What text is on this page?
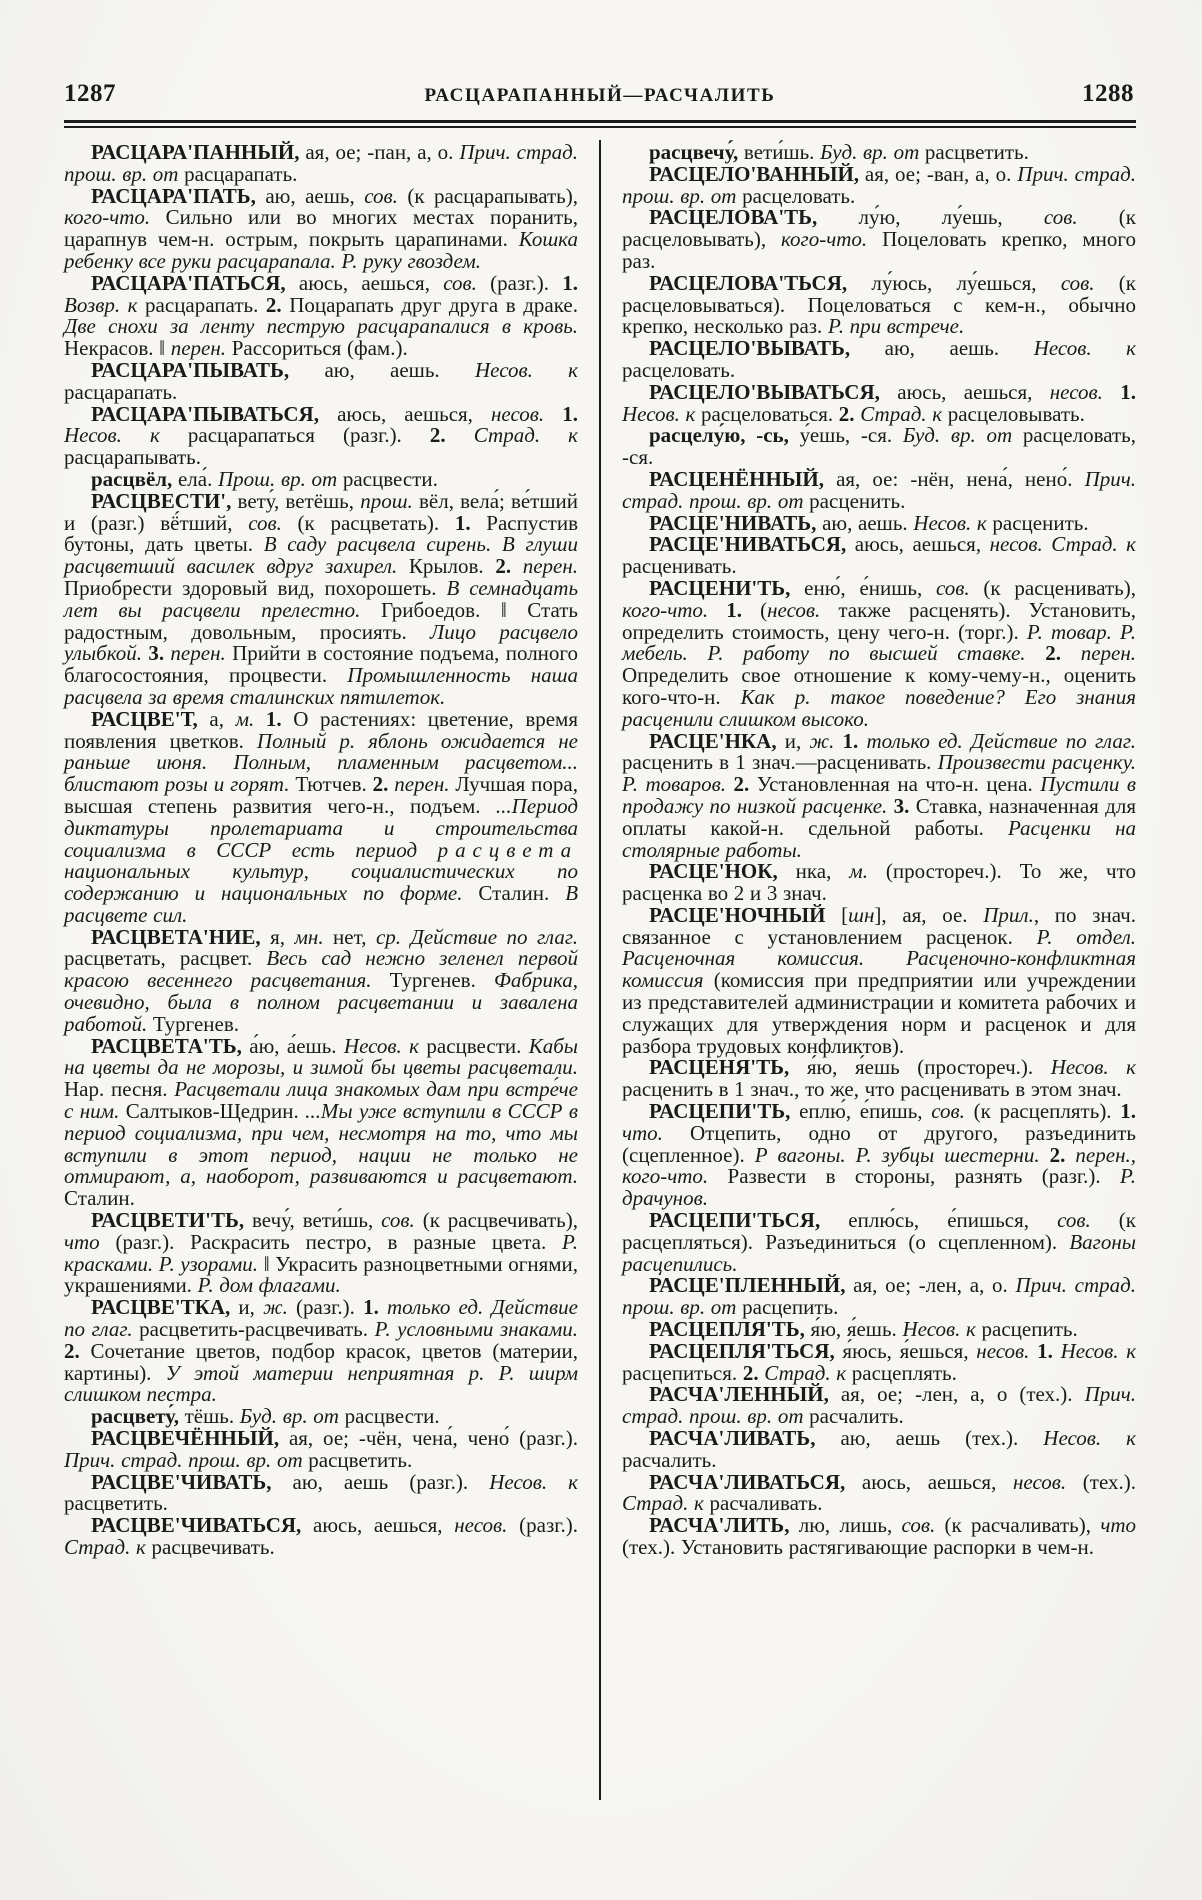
1287	РАСЦАРАПАННЫЙ—РАСЧАЛИТЬ	1288

РАСЦАРА'ПАННЫЙ, ая, ое; -пан, а, о. Прич. страд. прош. вр. от расцарапать.

РАСЦАРА'ПАТЬ, аю, аешь, сов. (к расцарапывать), кого-что. Сильно или во многих местах поранить, царапнув чем-н. острым, покрыть царапинами. Кошка ребенку все руки расцарапала. Р. руку гвоздем.

РАСЦАРА'ПАТЬСЯ, аюсь, аешься, сов. (разг.). 1. Возвр. к расцарапать. 2. Поцарапать друг друга в драке. Две снохи за ленту пеструю расцарапалися в кровь. Некрасов. ‖ перен. Рассориться (фам.).

РАСЦАРА'ПЫВАТЬ, аю, аешь. Несов. к расцарапать.

РАСЦАРА'ПЫВАТЬСЯ, аюсь, аешься, несов. 1. Несов. к расцарапаться (разг.). 2. Страд. к расцарапывать.

расцвёл, ела́. Прош. вр. от расцвести.

РАСЦВЕСТИ', вету́, ветёшь, прош. вёл, вела́; ве́тший и (разг.) вё́тший, сов. (к расцветать). 1. Распустив бутоны, дать цветы. В саду расцвела сирень. В глуши расцветший василек вдруг захирел. Крылов. 2. перен. Приобрести здоровый вид, похорошеть. В семнадцать лет вы расцвели прелестно. Грибоедов. ‖ Стать радостным, довольным, просиять. Лицо расцвело улыбкой. 3. перен. Прийти в состояние подъема, полного благосостояния, процвести. Промышленность наша расцвела за время сталинских пятилеток.

РАСЦВЕ'Т, а, м. 1. О растениях: цветение, время появления цветков. Полный р. яблонь ожидается не раньше июня. Полным, пламенным расцветом... блистают розы и горят. Тютчев. 2. перен. Лучшая пора, высшая степень развития чего-н., подъем. ...Период диктатуры пролетариата и строительства социализма в СССР есть период расцвета национальных культур, социалистических по содержанию и национальных по форме. Сталин. В расцвете сил.

РАСЦВЕТА'НИЕ, я, мн. нет, ср. Действие по глаг. расцветать, расцвет. Весь сад нежно зеленел первой красою весеннего расцветания. Тургенев. Фабрика, очевидно, была в полном расцветании и завалена работой. Тургенев.

РАСЦВЕТА'ТЬ, а́ю, а́ешь. Несов. к расцвести. Кабы на цветы да не морозы, и зимой бы цветы расцветали. Нар. песня. Расцветали лица знакомых дам при встре́че с ним. Салтыков-Щедрин. ...Мы уже вступили в СССР в период социализма, при чем, несмотря на то, что мы вступили в этот период, нации не только не отмирают, а, наоборот, развиваются и расцветают. Сталин.

РАСЦВЕТИ'ТЬ, вечу́, вети́шь, сов. (к расцвечивать), что (разг.). Раскрасить пестро, в разные цвета. Р. красками. Р. узорами. ‖ Украсить разноцветными огнями, украшениями. Р. дом флагами.

РАСЦВЕ'ТКА, и, ж. (разг.). 1. только ед. Действие по глаг. расцветить-расцвечивать. Р. условными знаками. 2. Сочетание цветов, подбор красок, цветов (материи, картины). У этой материи неприятная р. Р. ширм слишком пестра.

расцвету́, тёшь. Буд. вр. от расцвести.

РАСЦВЕЧЁННЫЙ, ая, ое; -чён, чена́, чено́ (разг.). Прич. страд. прош. вр. от расцветить.

РАСЦВЕ'ЧИВАТЬ, аю, аешь (разг.). Несов. к расцветить.

РАСЦВЕ'ЧИВАТЬСЯ, аюсь, аешься, несов. (разг.). Страд. к расцвечивать.

расцвечу́, вети́шь. Буд. вр. от расцветить.

РАСЦЕЛО'ВАННЫЙ, ая, ое; -ван, а, о. Прич. страд. прош. вр. от расцеловать.

РАСЦЕЛОВА'ТЬ, лу́ю, лу́ешь, сов. (к расцеловывать), кого-что. Поцеловать крепко, много раз.

РАСЦЕЛОВА'ТЬСЯ, лу́юсь, лу́ешься, сов. (к расцеловываться). Поцеловаться с кем-н., обычно крепко, несколько раз. Р. при встрече.

РАСЦЕЛО'ВЫВАТЬ, аю, аешь. Несов. к расцеловать.

РАСЦЕЛО'ВЫВАТЬСЯ, аюсь, аешься, несов. 1. Несов. к расцеловаться. 2. Страд. к расцеловывать.

расцелу́ю, -сь, у́ешь, -ся. Буд. вр. от расцеловать, -ся.

РАСЦЕНЁННЫЙ, ая, ое: -нён, нена́, нено́. Прич. страд. прош. вр. от расценить.

РАСЦЕ'НИВАТЬ, аю, аешь. Несов. к расценить.

РАСЦЕ'НИВАТЬСЯ, аюсь, аешься, несов. Страд. к расценивать.

РАСЦЕНИ'ТЬ, еню́, е́нишь, сов. (к расценивать), кого-что. 1. (несов. также расценять). Установить, определить стоимость, цену чего-н. (торг.). Р. товар. Р. мебель. Р. работу по высшей ставке. 2. перен. Определить свое отношение к кому-чему-н., оценить кого-что-н. Как р. такое поведение? Его знания расценили слишком высоко.

РАСЦЕ'НКА, и, ж. 1. только ед. Действие по глаг. расценить в 1 знач.—расценивать. Произвести расценку. Р. товаров. 2. Установленная на что-н. цена. Пустили в продажу по низкой расценке. 3. Ставка, назначенная для оплаты какой-н. сдельной работы. Расценки на столярные работы.

РАСЦЕ'НОК, нка, м. (простореч.). То же, что расценка во 2 и 3 знач.

РАСЦЕ'НОЧНЫЙ [шн], ая, ое. Прил., по знач. связанное с установлением расценок. Р. отдел. Расценочная комиссия. Расценочно-конфликтная комиссия (комиссия при предприятии или учреждении из представителей администрации и комитета рабочих и служащих для утверждения норм и расценок и для разбора трудовых конфликтов).

РАСЦЕНЯ'ТЬ, я́ю, я́ешь (простореч.). Несов. к расценить в 1 знач., то же, что расценивать в этом знач.

РАСЦЕПИ'ТЬ, еплю́, е́пишь, сов. (к расцеплять). 1. что. Отцепить, одно от другого, разъединить (сцепленное). Р вагоны. Р. зубцы шестерни. 2. перен., кого-что. Развести в стороны, разнять (разг.). Р. драчунов.

РАСЦЕПИ'ТЬСЯ, еплю́сь, е́пишься, сов. (к расцепляться). Разъединиться (о сцепленном). Вагоны расцепились.

РАСЦЕ'ПЛЕННЫЙ, ая, ое; -лен, а, о. Прич. страд. прош. вр. от расцепить.

РАСЦЕПЛЯ'ТЬ, я́ю, я́ешь. Несов. к расцепить.

РАСЦЕПЛЯ'ТЬСЯ, я́юсь, я́ешься, несов. 1. Несов. к расцепиться. 2. Страд. к расцеплять.

РАСЧА'ЛЕННЫЙ, ая, ое; -лен, а, о (тех.). Прич. страд. прош. вр. от расчалить.

РАСЧА'ЛИВАТЬ, аю, аешь (тех.). Несов. к расчалить.

РАСЧА'ЛИВАТЬСЯ, аюсь, аешься, несов. (тех.). Страд. к расчаливать.

РАСЧА'ЛИТЬ, лю, лишь, сов. (к расчаливать), что (тех.). Установить растягивающие распорки в чем-н.
